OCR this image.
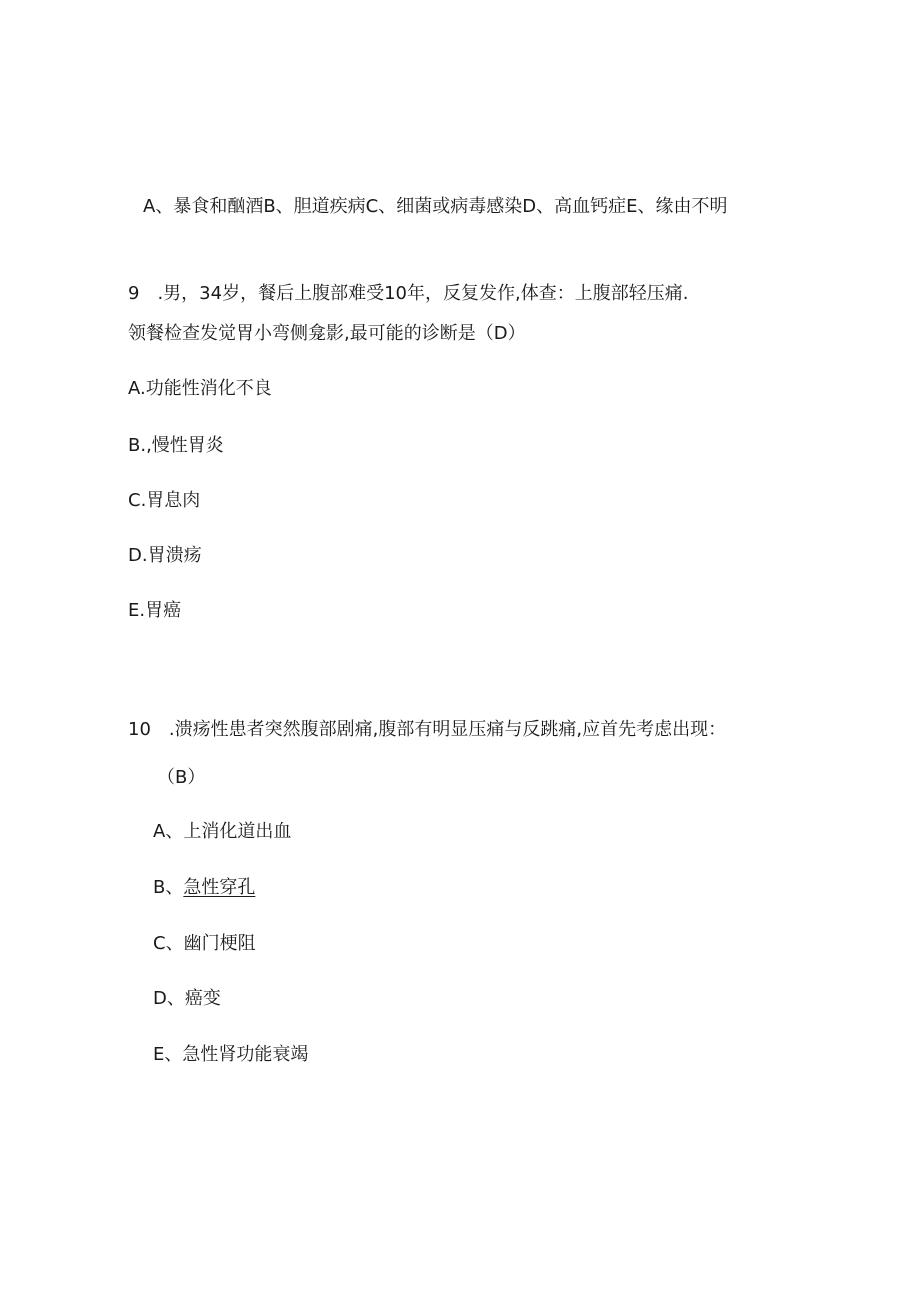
A、暴食和酗酒B、胆道疾病C、细菌或病毒感染D、高血钙症E、缘由不明

9　.男，34岁，餐后上腹部难受10年，反复发作,体查：上腹部轻压痛.

领餐检查发觉胃小弯侧龛影,最可能的诊断是（D）

A.功能性消化不良

B.,慢性胃炎

C.胃息肉

D.胃溃疡

E.胃癌

10　.溃疡性患者突然腹部剧痛,腹部有明显压痛与反跳痛,应首先考虑出现：

（B）

A、上消化道出血

B、急性穿孔

C、幽门梗阻

D、癌变

E、急性肾功能衰竭
